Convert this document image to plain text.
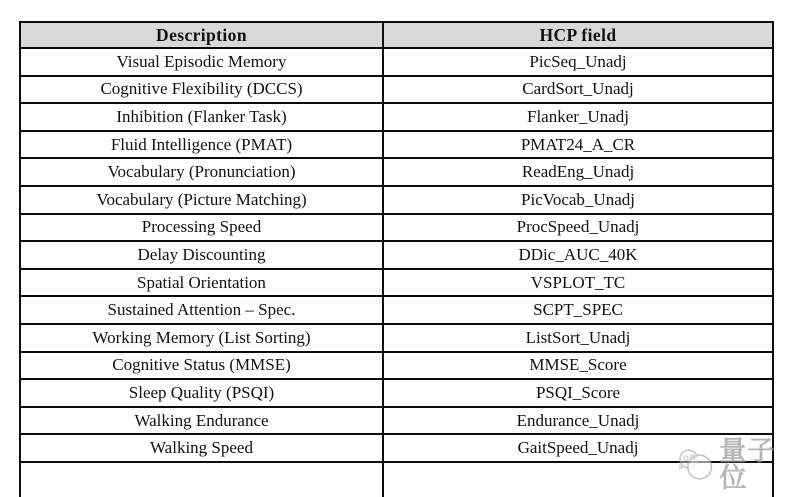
Description	HCP field
Visual Episodic Memory	PicSeq_Unadj
Cognitive Flexibility (DCCS)	CardSort_Unadj
Inhibition (Flanker Task)	Flanker_Unadj
Fluid Intelligence (PMAT)	PMAT24_A_CR
Vocabulary (Pronunciation)	ReadEng_Unadj
Vocabulary (Picture Matching)	PicVocab_Unadj
Processing Speed	ProcSpeed_Unadj
Delay Discounting	DDic_AUC_40K
Spatial Orientation	VSPLOT_TC
Sustained Attention – Spec.	SCPT_SPEC
Working Memory (List Sorting)	ListSort_Unadj
Cognitive Status (MMSE)	MMSE_Score
Sleep Quality (PSQI)	PSQI_Score
Walking Endurance	Endurance_Unadj
Walking Speed	GaitSpeed_Unadj
		量子位
